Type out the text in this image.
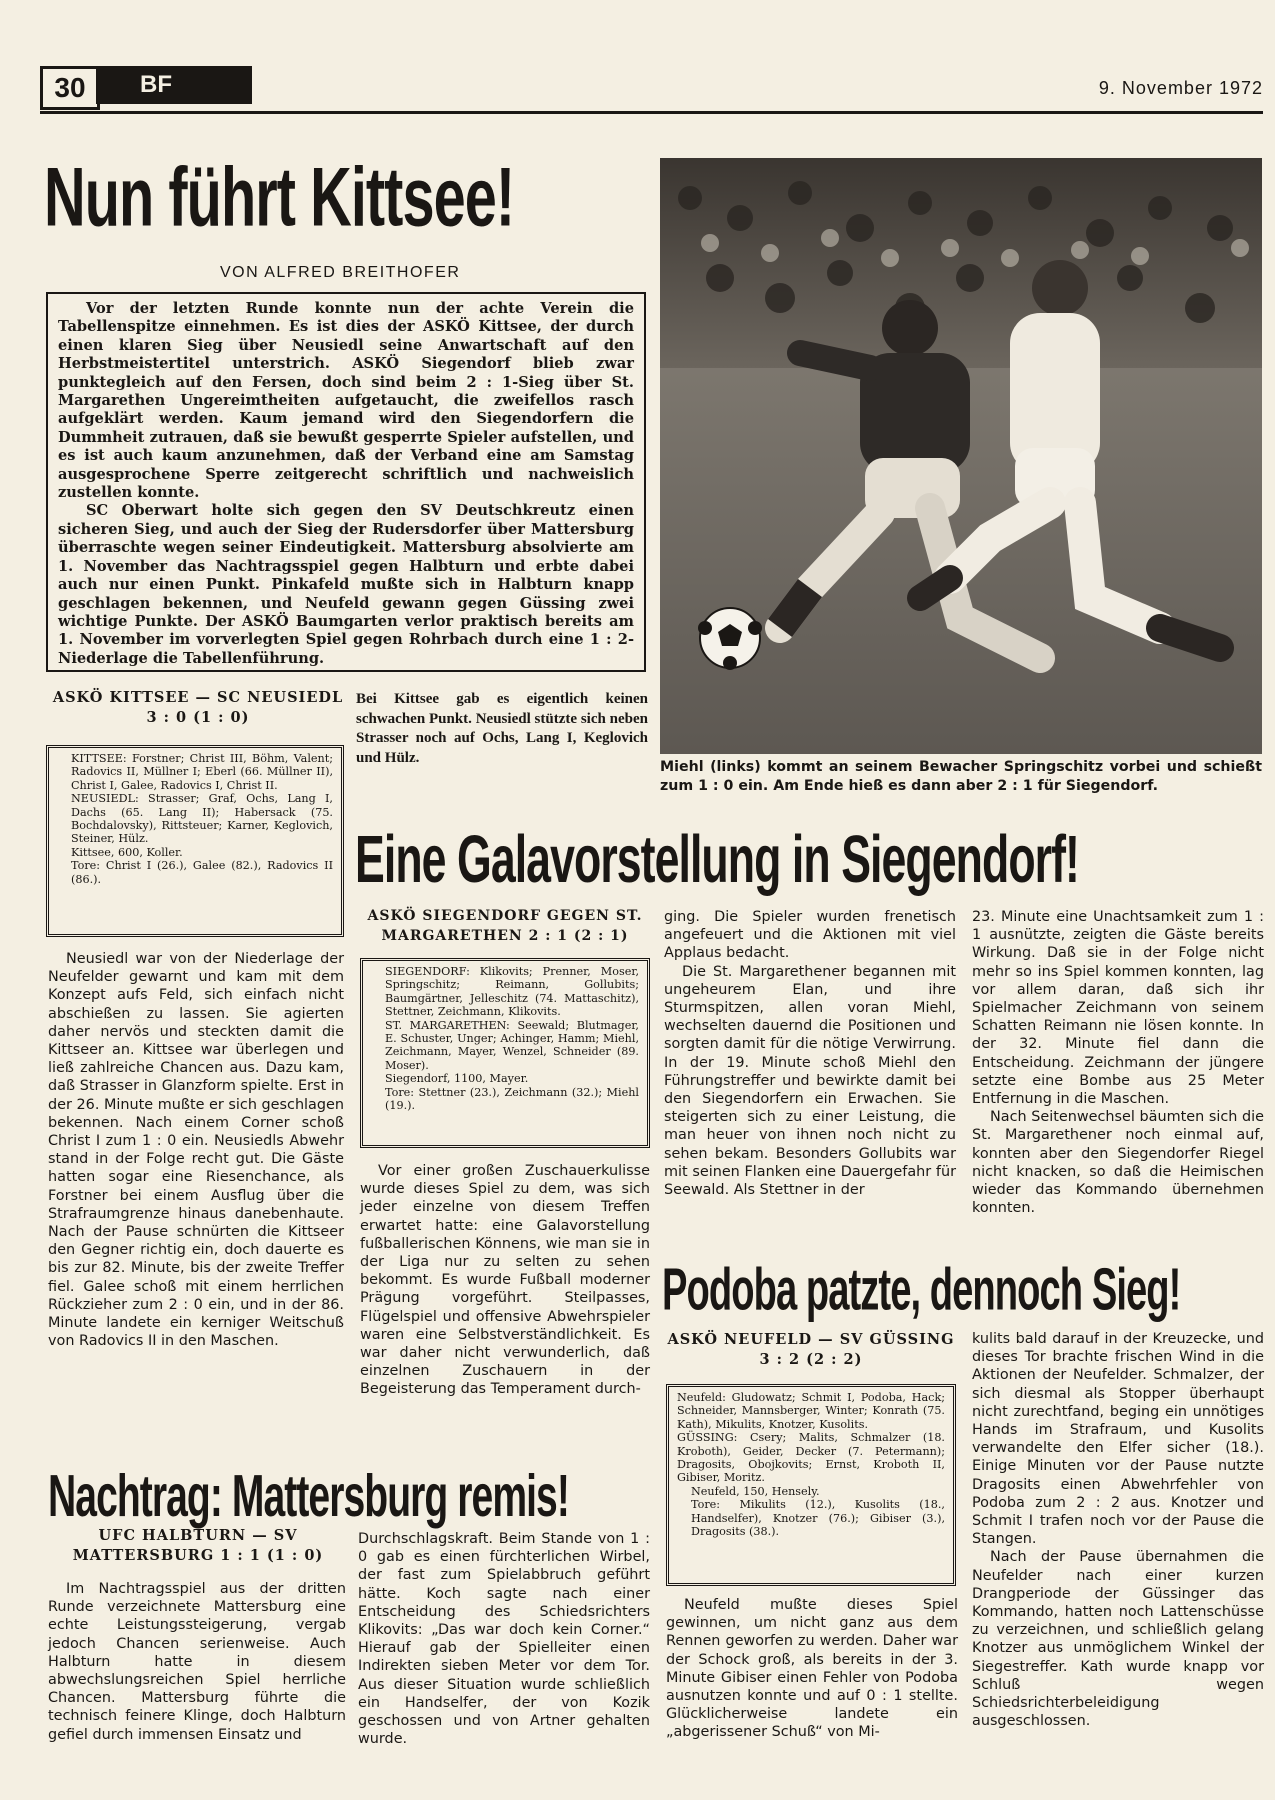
30	BF	9. November 1972
Nun führt Kittsee!
VON ALFRED BREITHOFER

Vor der letzten Runde konnte nun der achte Verein die Tabellenspitze einnehmen. Es ist dies der ASKÖ Kittsee, der durch einen klaren Sieg über Neusiedl seine Anwartschaft auf den Herbstmeistertitel unterstrich. ASKÖ Siegendorf blieb zwar punktegleich auf den Fersen, doch sind beim 2 : 1-Sieg über St. Margarethen Ungereimtheiten aufgetaucht, die zweifellos rasch aufgeklärt werden. Kaum jemand wird den Siegendorfern die Dummheit zutrauen, daß sie bewußt gesperrte Spieler aufstellen, und es ist auch kaum anzunehmen, daß der Verband eine am Samstag ausgesprochene Sperre zeitgerecht schriftlich und nachweislich zustellen konnte.

SC Oberwart holte sich gegen den SV Deutschkreutz einen sicheren Sieg, und auch der Sieg der Rudersdorfer über Mattersburg überraschte wegen seiner Eindeutigkeit. Mattersburg absolvierte am 1. November das Nachtragsspiel gegen Halbturn und erbte dabei auch nur einen Punkt. Pinkafeld mußte sich in Halbturn knapp geschlagen bekennen, und Neufeld gewann gegen Güssing zwei wichtige Punkte. Der ASKÖ Baumgarten verlor praktisch bereits am 1. November im vorverlegten Spiel gegen Rohrbach durch eine 1 : 2-Niederlage die Tabellenführung.

ASKÖ KITTSEE — SC NEUSIEDL 3 : 0 (1 : 0)

KITTSEE: Forstner; Christ III, Böhm, Valent; Radovics II, Müllner I; Eberl (66. Müllner II), Christ I, Galee, Radovics I, Christ II.

NEUSIEDL: Strasser; Graf, Ochs, Lang I, Dachs (65. Lang II); Habersack (75. Bochdalovsky), Rittsteuer; Karner, Keglovich, Steiner, Hülz.

Kittsee, 600, Koller.

Tore: Christ I (26.), Galee (82.), Radovics II (86.).

Neusiedl war von der Niederlage der Neufelder gewarnt und kam mit dem Konzept aufs Feld, sich einfach nicht abschießen zu lassen. Sie agierten daher nervös und steckten damit die Kittseer an. Kittsee war überlegen und ließ zahlreiche Chancen aus. Dazu kam, daß Strasser in Glanzform spielte. Erst in der 26. Minute mußte er sich geschlagen bekennen. Nach einem Corner schoß Christ I zum 1 : 0 ein. Neusiedls Abwehr stand in der Folge recht gut. Die Gäste hatten sogar eine Riesenchance, als Forstner bei einem Ausflug über die Strafraumgrenze hinaus danebenhaute. Nach der Pause schnürten die Kittseer den Gegner richtig ein, doch dauerte es bis zur 82. Minute, bis der zweite Treffer fiel. Galee schoß mit einem herrlichen Rückzieher zum 2 : 0 ein, und in der 86. Minute landete ein kerniger Weitschuß von Radovics II in den Maschen.

Bei Kittsee gab es eigentlich keinen schwachen Punkt. Neusiedl stützte sich neben Strasser noch auf Ochs, Lang I, Keglovich und Hülz.
Miehl (links) kommt an seinem Bewacher Springschitz vorbei und schießt zum 1 : 0 ein. Am Ende hieß es dann aber 2 : 1 für Siegendorf.
Eine Galavorstellung in Siegendorf!
ASKÖ SIEGENDORF GEGEN ST. MARGARETHEN 2 : 1 (2 : 1)

SIEGENDORF: Klikovits; Prenner, Moser, Springschitz; Reimann, Gollubits; Baumgärtner, Jelleschitz (74. Mattaschitz), Stettner, Zeichmann, Klikovits.

ST. MARGARETHEN: Seewald; Blutmager, E. Schuster, Unger; Achinger, Hamm; Miehl, Zeichmann, Mayer, Wenzel, Schneider (89. Moser).

Siegendorf, 1100, Mayer.

Tore: Stettner (23.), Zeichmann (32.); Miehl (19.).

Vor einer großen Zuschauerkulisse wurde dieses Spiel zu dem, was sich jeder einzelne von diesem Treffen erwartet hatte: eine Galavorstellung fußballerischen Könnens, wie man sie in der Liga nur zu selten zu sehen bekommt. Es wurde Fußball moderner Prägung vorgeführt. Steilpasses, Flügelspiel und offensive Abwehrspieler waren eine Selbstverständlichkeit. Es war daher nicht verwunderlich, daß einzelnen Zuschauern in der Begeisterung das Temperament durch-

ging. Die Spieler wurden frenetisch angefeuert und die Aktionen mit viel Applaus bedacht.

Die St. Margarethener begannen mit ungeheurem Elan, und ihre Sturmspitzen, allen voran Miehl, wechselten dauernd die Positionen und sorgten damit für die nötige Verwirrung. In der 19. Minute schoß Miehl den Führungstreffer und bewirkte damit bei den Siegendorfern ein Erwachen. Sie steigerten sich zu einer Leistung, die man heuer von ihnen noch nicht zu sehen bekam. Besonders Gollubits war mit seinen Flanken eine Dauergefahr für Seewald. Als Stettner in der

23. Minute eine Unachtsamkeit zum 1 : 1 ausnützte, zeigten die Gäste bereits Wirkung. Daß sie in der Folge nicht mehr so ins Spiel kommen konnten, lag vor allem daran, daß sich ihr Spielmacher Zeichmann von seinem Schatten Reimann nie lösen konnte. In der 32. Minute fiel dann die Entscheidung. Zeichmann der jüngere setzte eine Bombe aus 25 Meter Entfernung in die Maschen.

Nach Seitenwechsel bäumten sich die St. Margarethener noch einmal auf, konnten aber den Siegendorfer Riegel nicht knacken, so daß die Heimischen wieder das Kommando übernehmen konnten.

Podoba patzte, dennoch Sieg!
ASKÖ NEUFELD — SV GÜSSING 3 : 2 (2 : 2)

Neufeld: Gludowatz; Schmit I, Podoba, Hack; Schneider, Mannsberger, Winter; Konrath (75. Kath), Mikulits, Knotzer, Kusolits.

GÜSSING: Csery; Malits, Schmalzer (18. Kroboth), Geider, Decker (7. Petermann); Dragosits, Obojkovits; Ernst, Kroboth II, Gibiser, Moritz.

Neufeld, 150, Hensely.

Tore: Mikulits (12.), Kusolits (18., Handselfer), Knotzer (76.); Gibiser (3.), Dragosits (38.).

Neufeld mußte dieses Spiel gewinnen, um nicht ganz aus dem Rennen geworfen zu werden. Daher war der Schock groß, als bereits in der 3. Minute Gibiser einen Fehler von Podoba ausnutzen konnte und auf 0 : 1 stellte. Glücklicherweise landete ein „abgerissener Schuß“ von Mi-

kulits bald darauf in der Kreuzecke, und dieses Tor brachte frischen Wind in die Aktionen der Neufelder. Schmalzer, der sich diesmal als Stopper überhaupt nicht zurechtfand, beging ein unnötiges Hands im Strafraum, und Kusolits verwandelte den Elfer sicher (18.). Einige Minuten vor der Pause nutzte Dragosits einen Abwehrfehler von Podoba zum 2 : 2 aus. Knotzer und Schmit I trafen noch vor der Pause die Stangen.

Nach der Pause übernahmen die Neufelder nach einer kurzen Drangperiode der Güssinger das Kommando, hatten noch Lattenschüsse zu verzeichnen, und schließlich gelang Knotzer aus unmöglichem Winkel der Siegestreffer. Kath wurde knapp vor Schluß wegen Schiedsrichterbeleidigung ausgeschlossen.

Nachtrag: Mattersburg remis!
UFC HALBTURN — SV MATTERSBURG 1 : 1 (1 : 0)

Im Nachtragsspiel aus der dritten Runde verzeichnete Mattersburg eine echte Leistungssteigerung, vergab jedoch Chancen serienweise. Auch Halbturn hatte in diesem abwechslungsreichen Spiel herrliche Chancen. Mattersburg führte die technisch feinere Klinge, doch Halbturn gefiel durch immensen Einsatz und

Durchschlagskraft. Beim Stande von 1 : 0 gab es einen fürchterlichen Wirbel, der fast zum Spielabbruch geführt hätte. Koch sagte nach einer Entscheidung des Schiedsrichters Klikovits: „Das war doch kein Corner.“ Hierauf gab der Spielleiter einen Indirekten sieben Meter vor dem Tor. Aus dieser Situation wurde schließlich ein Handselfer, der von Kozik geschossen und von Artner gehalten wurde.
